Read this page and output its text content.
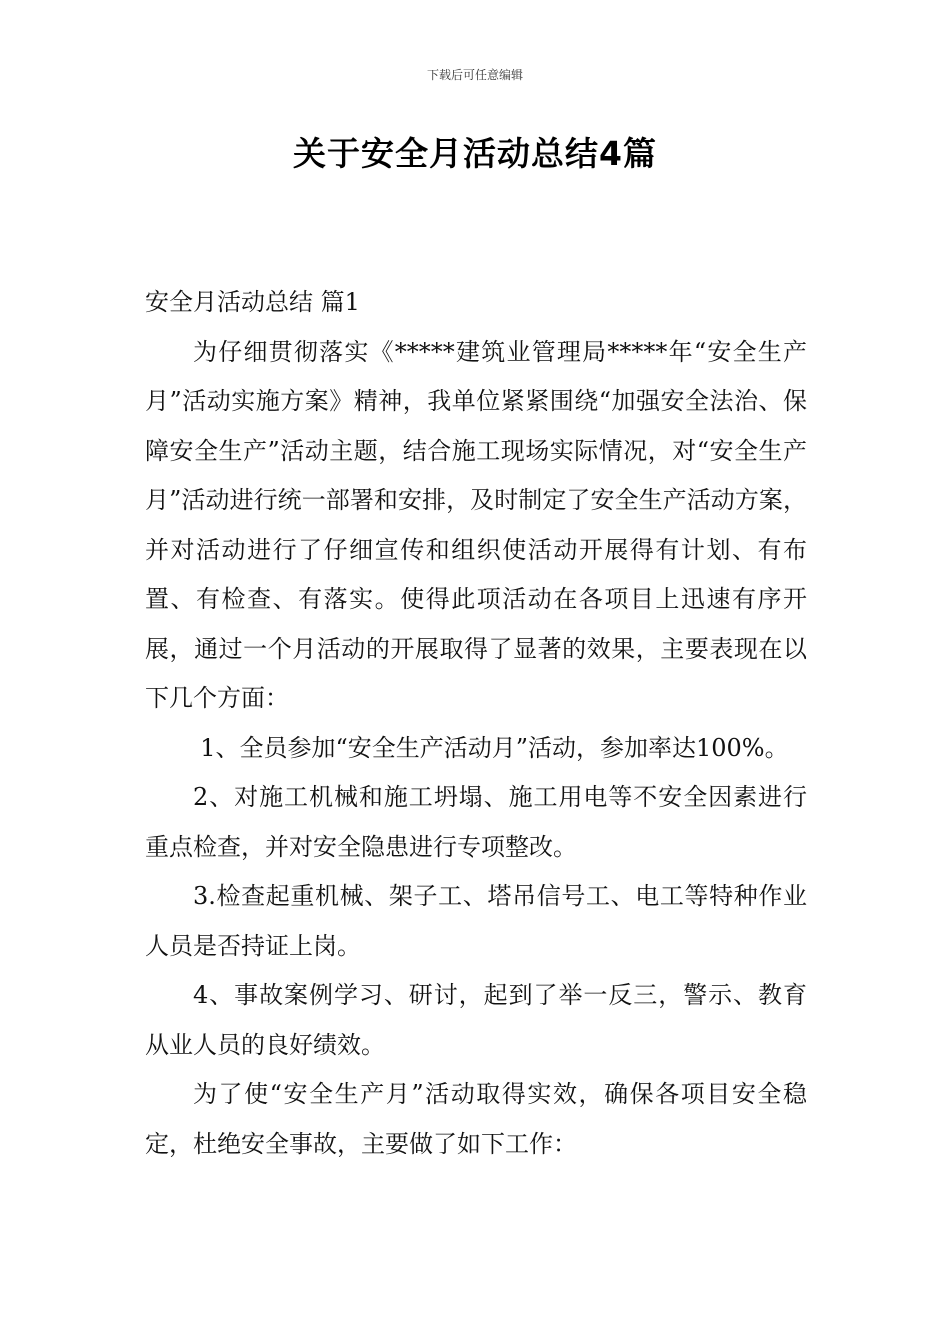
下载后可任意编辑
关于安全月活动总结4篇
安全月活动总结 篇1

为仔细贯彻落实《*****建筑业管理局*****年“安全生产月”活动实施方案》精神，我单位紧紧围绕“加强安全法治、保障安全生产”活动主题，结合施工现场实际情况，对“安全生产月”活动进行统一部署和安排，及时制定了安全生产活动方案，并对活动进行了仔细宣传和组织使活动开展得有计划、有布置、有检查、有落实。使得此项活动在各项目上迅速有序开展，通过一个月活动的开展取得了显著的效果，主要表现在以下几个方面：

1、全员参加“安全生产活动月”活动，参加率达100%。

2、对施工机械和施工坍塌、施工用电等不安全因素进行重点检查，并对安全隐患进行专项整改。

3.检查起重机械、架子工、塔吊信号工、电工等特种作业人员是否持证上岗。

4、事故案例学习、研讨，起到了举一反三，警示、教育从业人员的良好绩效。

为了使“安全生产月”活动取得实效，确保各项目安全稳定，杜绝安全事故，主要做了如下工作：
